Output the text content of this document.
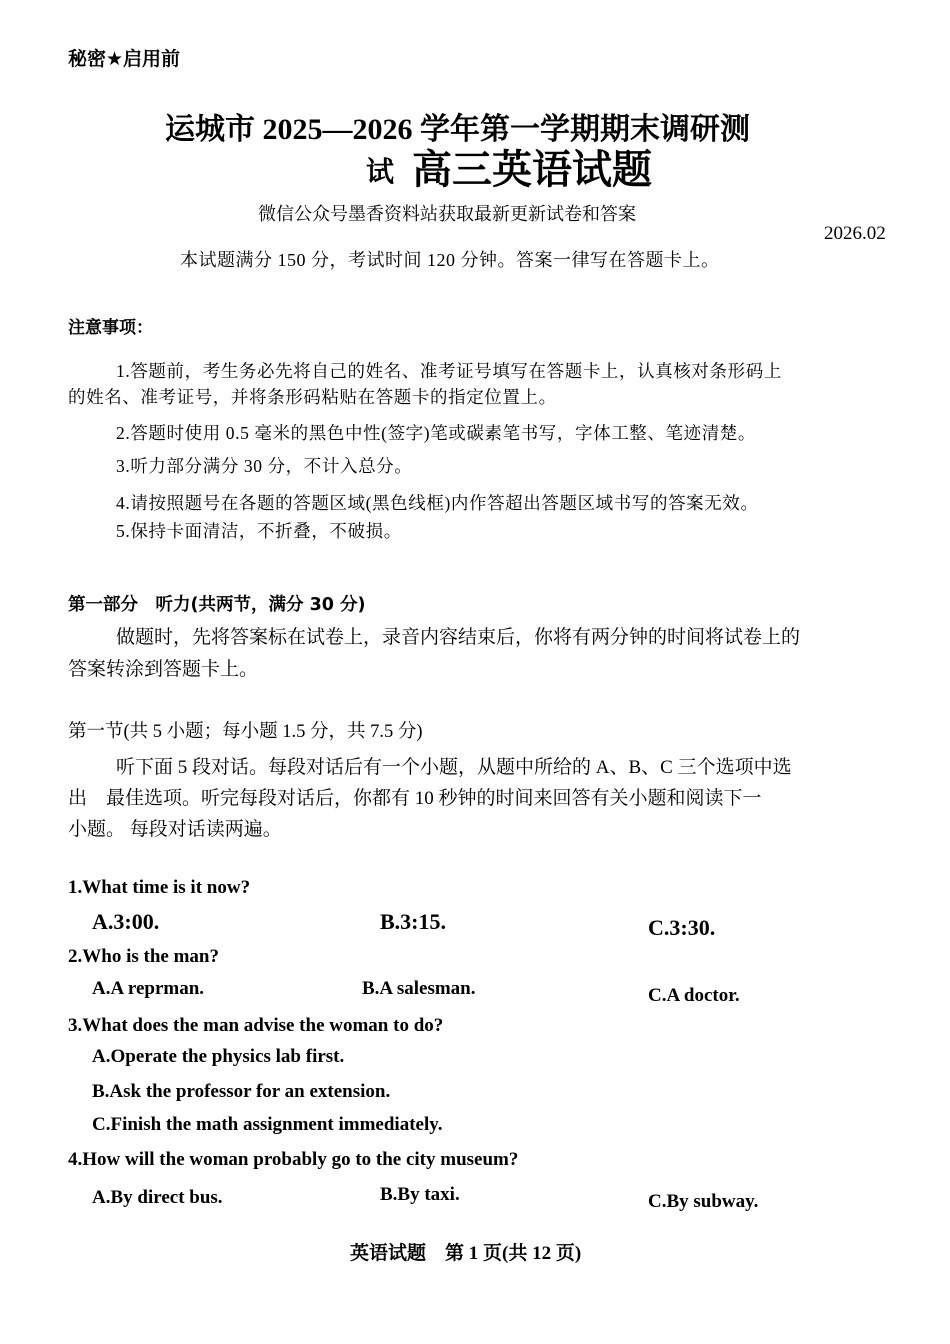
秘密★启用前
运城市 2025—2026 学年第一学期期末调研测
试 高三英语试题
微信公众号墨香资料站获取最新更新试卷和答案
2026.02
本试题满分 150 分，考试时间 120 分钟。答案一律写在答题卡上。
注意事项：
1.答题前，考生务必先将自己的姓名、准考证号填写在答题卡上，认真核对条形码上
的姓名、准考证号，并将条形码粘贴在答题卡的指定位置上。
2.答题时使用 0.5 毫米的黑色中性(签字)笔或碳素笔书写，字体工整、笔迹清楚。
3.听力部分满分 30 分，不计入总分。
4.请按照题号在各题的答题区域(黑色线框)内作答超出答题区域书写的答案无效。
5.保持卡面清洁，不折叠，不破损。
第一部分　听力(共两节，满分 30 分)
做题时，先将答案标在试卷上，录音内容结束后，你将有两分钟的时间将试卷上的
答案转涂到答题卡上。
第一节(共 5 小题；每小题 1.5 分，共 7.5 分)
听下面 5 段对话。每段对话后有一个小题，从题中所给的 A、B、C 三个选项中选
出　最佳选项。听完每段对话后，你都有 10 秒钟的时间来回答有关小题和阅读下一
小题。 每段对话读两遍。
1.What time is it now?
A.3:00.	B.3:15.	C.3:30.
2.Who is the man?
A.A reprman.	B.A salesman.	C.A doctor.
3.What does the man advise the woman to do?
A.Operate the physics lab first.
B.Ask the professor for an extension.
C.Finish the math assignment immediately.
4.How will the woman probably go to the city museum?
A.By direct bus.	B.By taxi.	C.By subway.
英语试题　第 1 页(共 12 页)
